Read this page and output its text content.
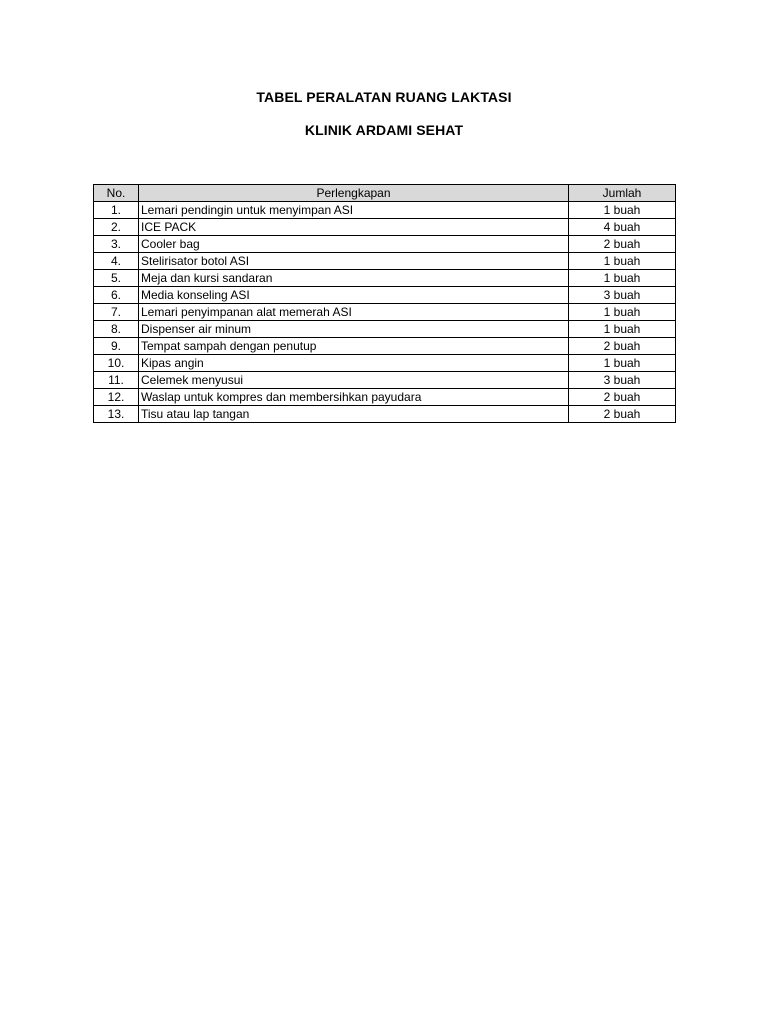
TABEL PERALATAN RUANG LAKTASI
KLINIK ARDAMI SEHAT
No.	Perlengkapan	Jumlah
1.	Lemari pendingin untuk menyimpan ASI	1 buah
2.	ICE PACK	4 buah
3.	Cooler bag	2 buah
4.	Stelirisator botol ASI	1 buah
5.	Meja dan kursi sandaran	1 buah
6.	Media konseling ASI	3 buah
7.	Lemari penyimpanan alat memerah ASI	1 buah
8.	Dispenser air minum	1 buah
9.	Tempat sampah dengan penutup	2 buah
10.	Kipas angin	1 buah
11.	Celemek menyusui	3 buah
12.	Waslap untuk kompres dan membersihkan payudara	2 buah
13.	Tisu atau lap tangan	2 buah
